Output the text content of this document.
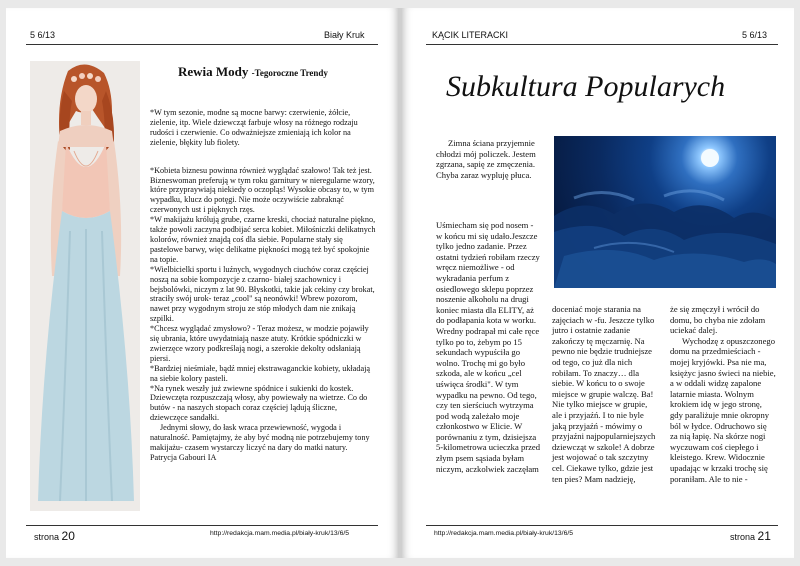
5 6/13	Biały Kruk
Rewia Mody -Tegoroczne Trendy

*W tym sezonie, modne są mocne barwy: czerwienie, żółcie, zielenie, itp. Wiele dziewcząt farbuje włosy na różnego rodzaju rudości i czerwienie. Co odważniejsze zmieniają ich kolor na zielenie, błękity lub fiolety.

*Kobieta biznesu powinna również wyglądać szałowo! Tak też jest. Bizneswoman preferują w tym roku garnitury w nieregularne wzory, które przypraywiają niekiedy o oczopląs! Wysokie obcasy to, w tym wypadku, klucz do potęgi. Nie może oczywiście zabraknąć czerwonych ust i pięknych rzęs.

*W makijażu królują grube, czarne kreski, chociaż naturalne piękno, także powoli zaczyna podbijać serca kobiet. Miłośniczki delikatnych kolorów, również znajdą coś dla siebie. Popularne stały się pastelowe barwy, więc delikatne piękności mogą też być spokojnie na topie.

*Wielbicielki sportu i luźnych, wygodnych ciuchów coraz częściej noszą na sobie kompozycje z czarno- białej szachownicy i bejsbolówki, niczym z lat 90. Błyskotki, takie jak cekiny czy brokat, straciły swój urok- teraz „cool" są neonówki! Wbrew pozorom, nawet przy wygodnym stroju ze stóp młodych dam nie znikają szpilki.

*Chcesz wyglądać zmysłowo? - Teraz możesz, w modzie pojawiły się ubrania, które uwydatniają nasze atuty. Krótkie spódniczki w zwierzęce wzory podkreślają nogi, a szerokie dekolty odsłaniają piersi.

*Bardziej nieśmiałe, bądź mniej ekstrawaganckie kobiety, układają na siebie kolory pasteli.

*Na rynek weszły już zwiewne spódnice i sukienki do kostek. Dziewczęta rozpuszczają włosy, aby powiewały na wietrze. Co do butów - na naszych stopach coraz częściej lądują śliczne, dziewczęce sandałki.

Jednymi słowy, do łask wraca przewiewność, wygoda i naturalność. Pamiętajmy, że aby być modną nie potrzebujemy tony makijażu- czasem wystarczy liczyć na dary do matki natury. Patrycja Gabouri IA

strona 20	http://redakcja.mam.media.pl/biały-kruk/13/6/5
KĄCIK LITERACKI	5 6/13
Subkultura Popularych

Zimna ściana przyjemnie chłodzi mój policzek. Jestem zgrzana, sapię ze zmęczenia. Chyba zaraz wypluję płuca.

Uśmiecham się pod nosem - w końcu mi się udało.Jeszcze tylko jedno zadanie. Przez ostatni tydzień robiłam rzeczy wręcz niemożliwe - od wykradania perfum z osiedlowego sklepu poprzez noszenie alkoholu na drugi koniec miasta dla ELITY, aż do podłapania kota w worku. Wredny podrapał mi całe ręce tylko po to, żebym po 15 sekundach wypuściła go wolno. Trochę mi go było szkoda, ale w końcu „cel uświęca środki". W tym wypadku na pewno. Od tego, czy ten sierściuch wytrzyma pod wodą zależało moje członkostwo w Elicie. W porównaniu z tym, dzisiejsza 5-kilometrowa ucieczka przed złym psem sąsiada byłam niczym, aczkolwiek zaczęłam

doceniać moje starania na zajęciach w -fu. Jeszcze tylko jutro i ostatnie zadanie zakończy tę męczarnię. Na pewno nie będzie trudniejsze od tego, co już dla nich robiłam. To znaczy… dla siebie. W końcu to o swoje miejsce w grupie walczę. Ba! Nie tylko miejsce w grupie, ale i przyjaźń. I to nie byle jaką przyjaźń - mówimy o przyjaźni najpopularniejszych dziewcząt w szkole! A dobrze jest wojować o tak szczytny cel. Ciekawe tylko, gdzie jest ten pies? Mam nadzieję,

że się zmęczył i wrócił do domu, bo chyba nie zdołam uciekać dalej.

Wychodzę z opuszczonego domu na przedmieściach - mojej kryjówki. Psa nie ma, księżyc jasno świeci na niebie, a w oddali widzę zapalone latarnie miasta. Wolnym krokiem idę w jego stronę, gdy paraliżuje mnie okropny ból w łydce. Odruchowo się za nią łapię. Na skórze nogi wyczuwam coś ciepłego i kleistego. Krew. Widocznie upadając w krzaki trochę się poraniłam. Ale to nie -

http://redakcja.mam.media.pl/biały-kruk/13/6/5	strona 21
